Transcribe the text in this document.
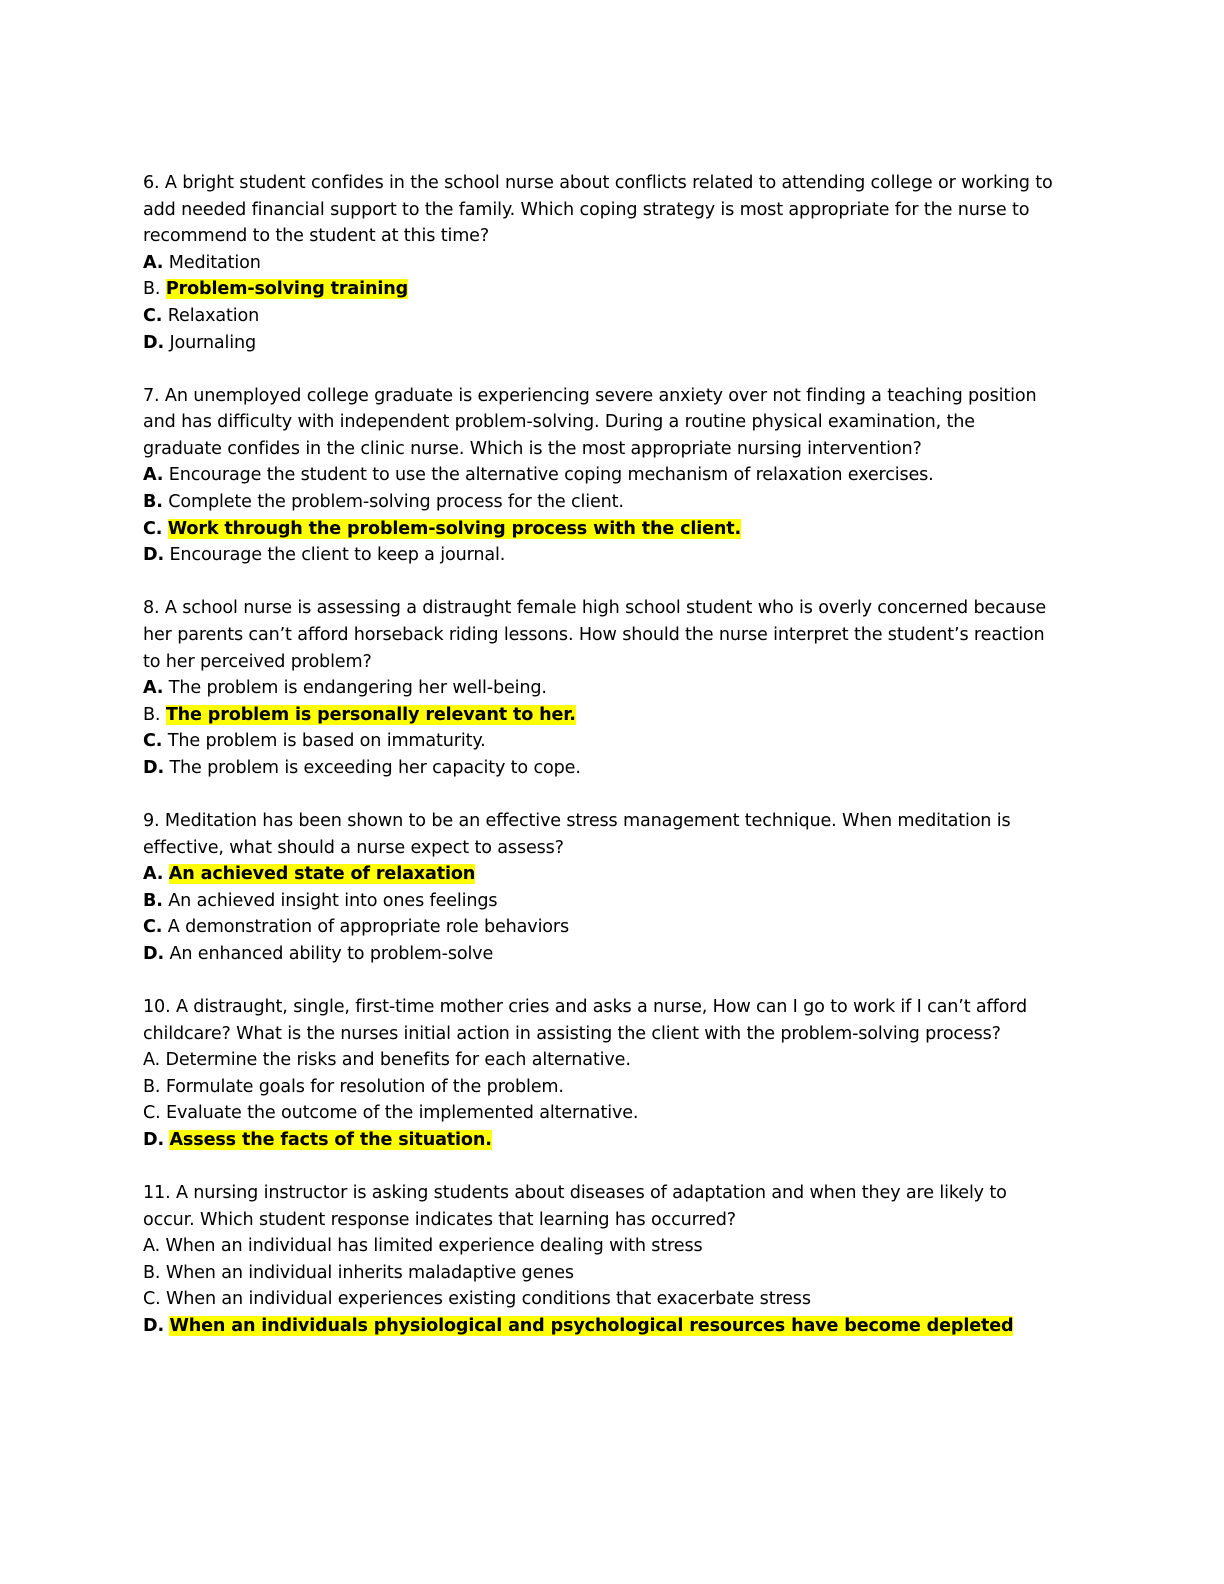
6. A bright student confides in the school nurse about conflicts related to attending college or working to
add needed financial support to the family. Which coping strategy is most appropriate for the nurse to
recommend to the student at this time?
A. Meditation
B. Problem-solving training
C. Relaxation
D. Journaling
7. An unemployed college graduate is experiencing severe anxiety over not finding a teaching position
and has difficulty with independent problem-solving. During a routine physical examination, the
graduate confides in the clinic nurse. Which is the most appropriate nursing intervention?
A. Encourage the student to use the alternative coping mechanism of relaxation exercises.
B. Complete the problem-solving process for the client.
C. Work through the problem-solving process with the client.
D. Encourage the client to keep a journal.
8. A school nurse is assessing a distraught female high school student who is overly concerned because
her parents can’t afford horseback riding lessons. How should the nurse interpret the student’s reaction
to her perceived problem?
A. The problem is endangering her well-being.
B. The problem is personally relevant to her.
C. The problem is based on immaturity.
D. The problem is exceeding her capacity to cope.
9. Meditation has been shown to be an effective stress management technique. When meditation is
effective, what should a nurse expect to assess?
A. An achieved state of relaxation
B. An achieved insight into ones feelings
C. A demonstration of appropriate role behaviors
D. An enhanced ability to problem-solve
10. A distraught, single, first-time mother cries and asks a nurse, How can I go to work if I can’t afford
childcare? What is the nurses initial action in assisting the client with the problem-solving process?
A. Determine the risks and benefits for each alternative.
B. Formulate goals for resolution of the problem.
C. Evaluate the outcome of the implemented alternative.
D. Assess the facts of the situation.
11. A nursing instructor is asking students about diseases of adaptation and when they are likely to
occur. Which student response indicates that learning has occurred?
A. When an individual has limited experience dealing with stress
B. When an individual inherits maladaptive genes
C. When an individual experiences existing conditions that exacerbate stress
D. When an individuals physiological and psychological resources have become depleted
